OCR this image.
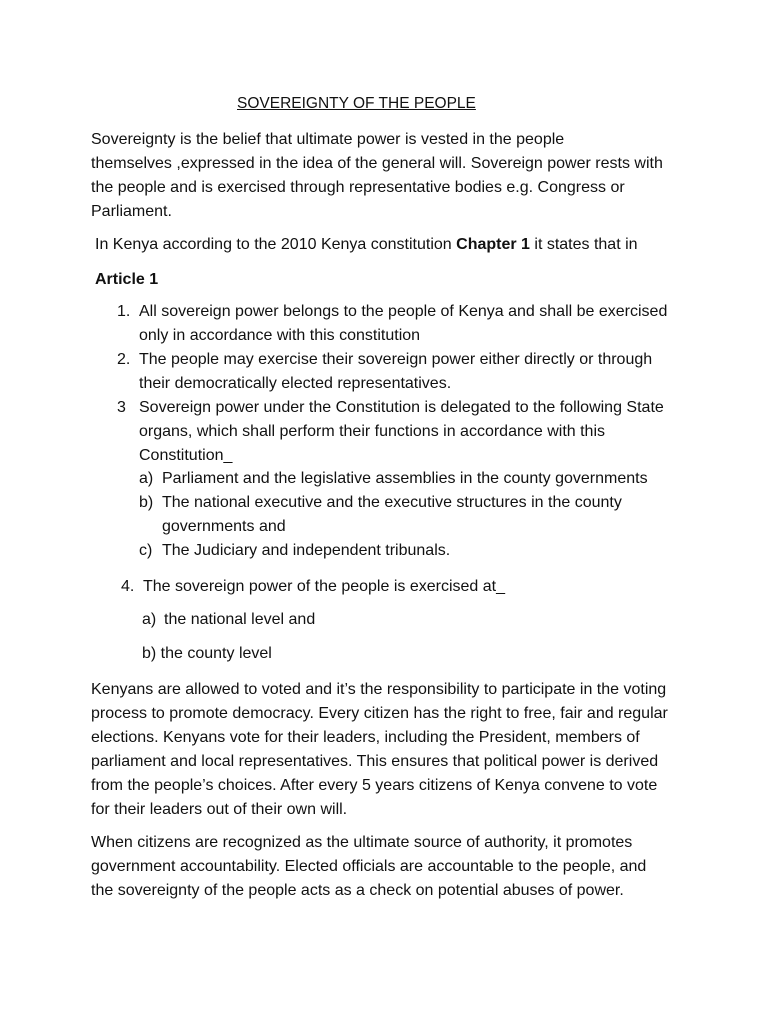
SOVEREIGNTY OF THE PEOPLE
Sovereignty is the belief that ultimate power is vested in the people
themselves ,expressed in the idea of the general will. Sovereign power rests with
the people and is exercised through representative bodies e.g. Congress or
Parliament.
In Kenya according to the 2010 Kenya constitution Chapter 1 it states that in
Article 1
1. All sovereign power belongs to the people of Kenya and shall be exercised
only in accordance with this constitution
2. The people may exercise their sovereign power either directly or through
their democratically elected representatives.
3 Sovereign power under the Constitution is delegated to the following State
organs, which shall perform their functions in accordance with this
Constitution_
a) Parliament and the legislative assemblies in the county governments
b) The national executive and the executive structures in the county
governments and
c) The Judiciary and independent tribunals.
4. The sovereign power of the people is exercised at_
a) the national level and
b) the county level
Kenyans are allowed to voted and it’s the responsibility to participate in the voting
process to promote democracy. Every citizen has the right to free, fair and regular
elections. Kenyans vote for their leaders, including the President, members of
parliament and local representatives. This ensures that political power is derived
from the people’s choices. After every 5 years citizens of Kenya convene to vote
for their leaders out of their own will.
When citizens are recognized as the ultimate source of authority, it promotes
government accountability. Elected officials are accountable to the people, and
the sovereignty of the people acts as a check on potential abuses of power.
